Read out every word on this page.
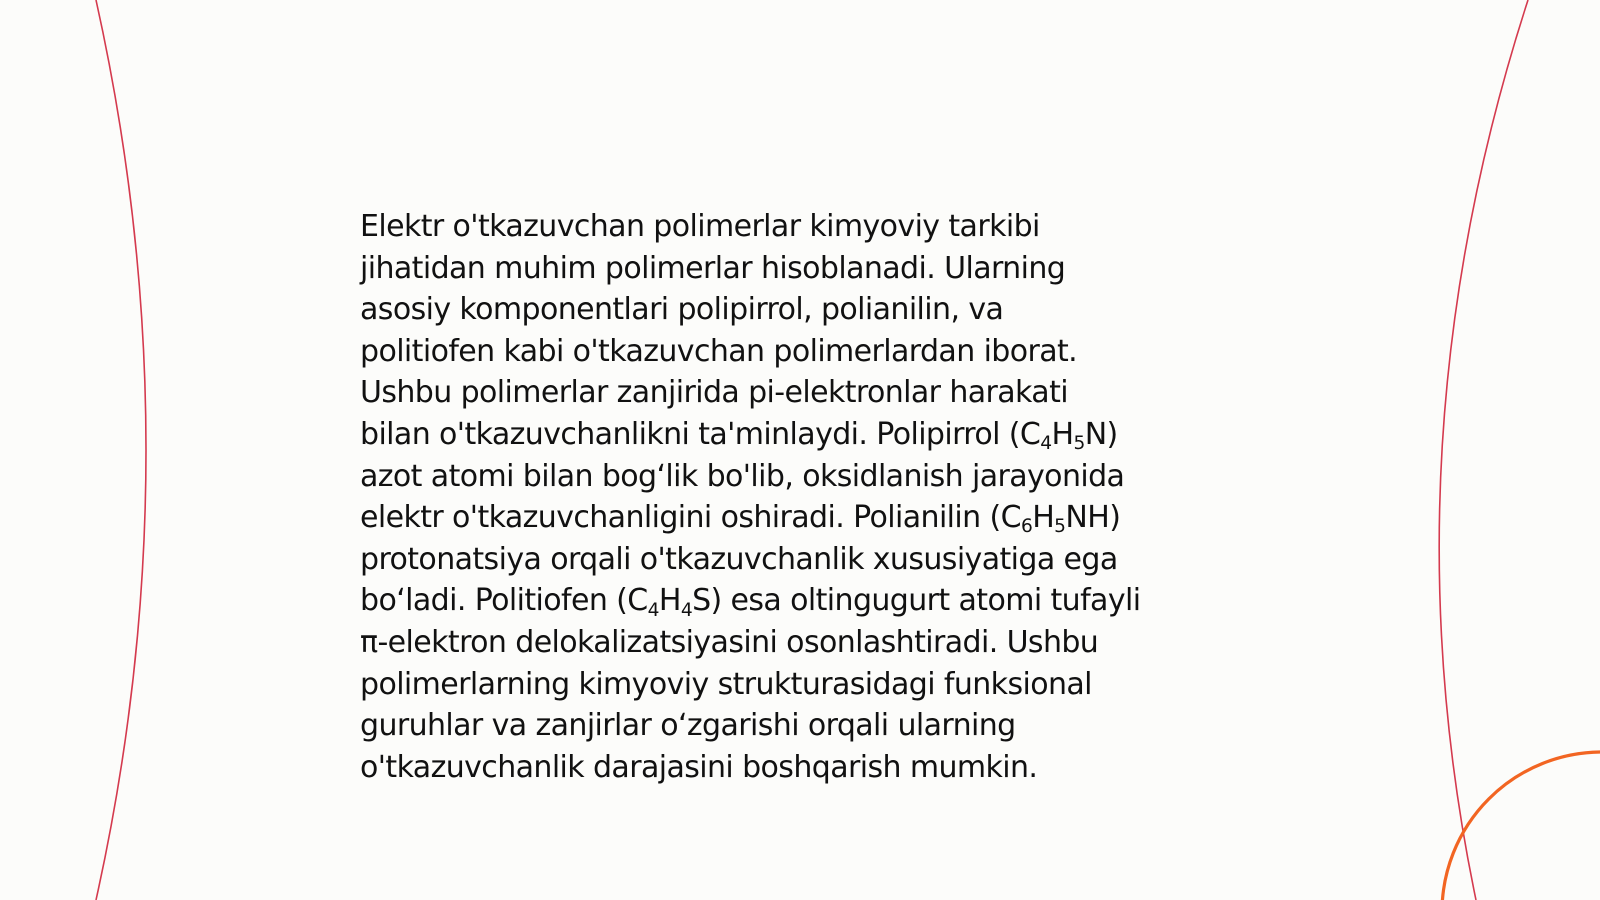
Elektr o'tkazuvchan polimerlar kimyoviy tarkibi
jihatidan muhim polimerlar hisoblanadi. Ularning
asosiy komponentlari polipirrol, polianilin, va
politiofen kabi o'tkazuvchan polimerlardan iborat.
Ushbu polimerlar zanjirida pi-elektronlar harakati
bilan o'tkazuvchanlikni ta'minlaydi. Polipirrol (C4H5N)
azot atomi bilan bogʻlik bo'lib, oksidlanish jarayonida
elektr o'tkazuvchanligini oshiradi. Polianilin (C6H5NH)
protonatsiya orqali o'tkazuvchanlik xususiyatiga ega
boʻladi. Politiofen (C4H4S) esa oltingugurt atomi tufayli
π-elektron delokalizatsiyasini osonlashtiradi. Ushbu
polimerlarning kimyoviy strukturasidagi funksional
guruhlar va zanjirlar oʻzgarishi orqali ularning
o'tkazuvchanlik darajasini boshqarish mumkin.
